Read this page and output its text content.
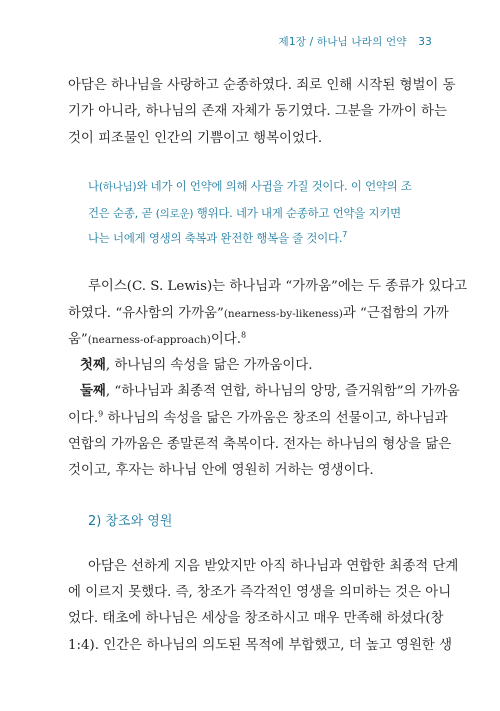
제1장 / 하나님 나라의 언약 33
아담은 하나님을 사랑하고 순종하였다. 죄로 인해 시작된 형벌이 동
기가 아니라, 하나님의 존재 자체가 동기였다. 그분을 가까이 하는
것이 피조물인 인간의 기쁨이고 행복이었다.
나(하나님)와 네가 이 언약에 의해 사귐을 가질 것이다. 이 언약의 조
건은 순종, 곧 (의로운) 행위다. 네가 내게 순종하고 언약을 지키면
나는 너에게 영생의 축복과 완전한 행복을 줄 것이다.$^7$
루이스(C. S. Lewis)는 하나님과 “가까움”에는 두 종류가 있다고
하였다. “유사함의 가까움”(nearness-by-likeness)과 “근접함의 가까
움”(nearness-of-approach)이다.$^8$
첫째, 하나님의 속성을 닮은 가까움이다.
둘째, “하나님과 최종적 연합, 하나님의 앙망, 즐거워함”의 가까움
이다.$^9$ 하나님의 속성을 닮은 가까움은 창조의 선물이고, 하나님과
연합의 가까움은 종말론적 축복이다. 전자는 하나님의 형상을 닮은
것이고, 후자는 하나님 안에 영원히 거하는 영생이다.
2) 창조와 영원
아담은 선하게 지음 받았지만 아직 하나님과 연합한 최종적 단계
에 이르지 못했다. 즉, 창조가 즉각적인 영생을 의미하는 것은 아니
었다. 태초에 하나님은 세상을 창조하시고 매우 만족해 하셨다(창
1:4). 인간은 하나님의 의도된 목적에 부합했고, 더 높고 영원한 생
